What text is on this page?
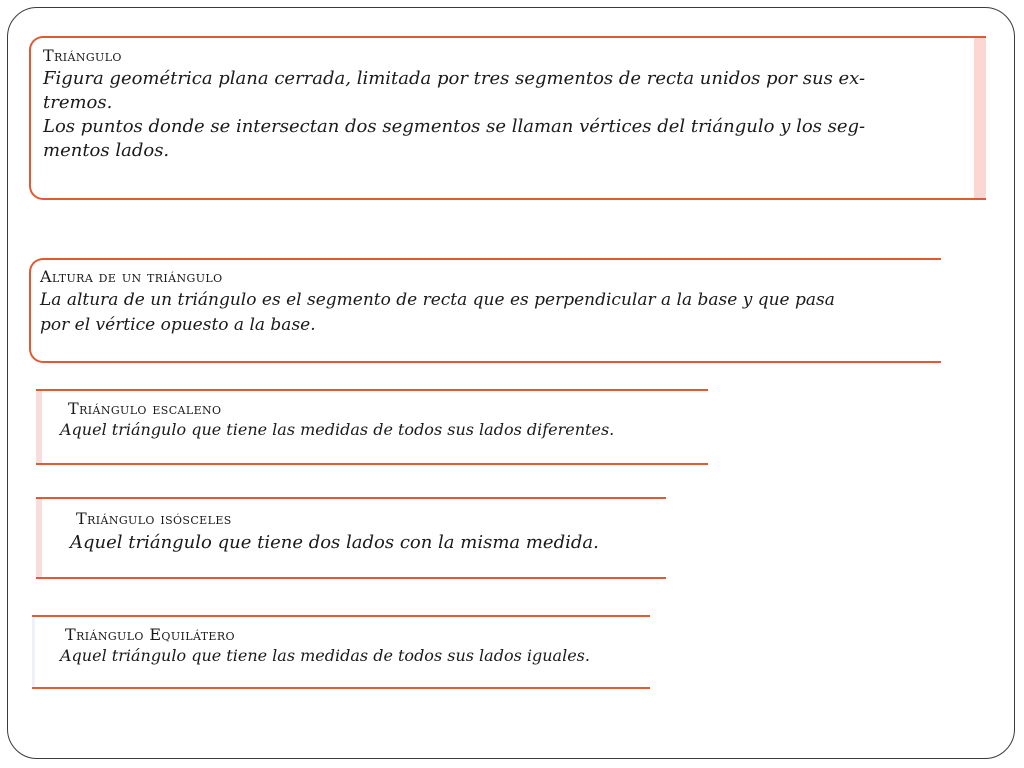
Triángulo
Figura geométrica plana cerrada, limitada por tres segmentos de recta unidos por sus ex-
tremos.
Los puntos donde se intersectan dos segmentos se llaman vértices del triángulo y los seg-
mentos lados.
Altura de un triángulo
La altura de un triángulo es el segmento de recta que es perpendicular a la base y que pasa
por el vértice opuesto a la base.
Triángulo escaleno
Aquel triángulo que tiene las medidas de todos sus lados diferentes.
Triángulo isósceles
Aquel triángulo que tiene dos lados con la misma medida.
Triángulo Equilátero
Aquel triángulo que tiene las medidas de todos sus lados iguales.
